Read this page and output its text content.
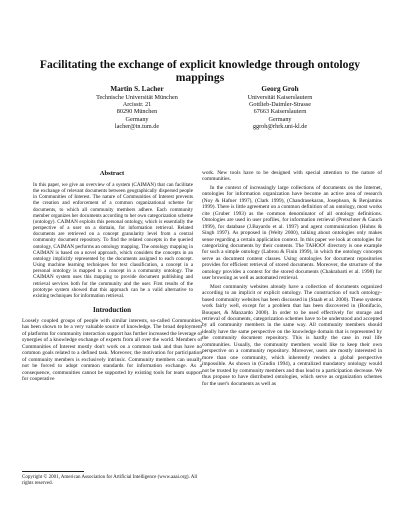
Facilitating the exchange of explicit knowledge through ontology mappings
Martin S. Lacher
Technische Universität München
Arcisstr. 21
80290 München
Germany
lacher@in.tum.de
Georg Groh
Universität Kaiserslautern
Gottlieb-Daimler-Strasse
67663 Kaiserslautern
Germany
ggroh@rhrk.uni-kl.de
Abstract

In this paper, we give an overview of a system (CAIMAN) that can facilitate the exchange of relevant documents between geographically dispersed people in Communities of Interest. The nature of Communities of Interest prevents the creation and enforcement of a common organizational scheme for documents, to which all community members adhere. Each community member organizes her documents according to her own categorization scheme (ontology). CAIMAN exploits this personal ontology, which is essentially the perspective of a user on a domain, for information retrieval. Related documents are retrieved on a concept granularity level from a central community document repository. To find the related concepts in the queried ontology, CAIMAN performs an ontology mapping. The ontology mapping in CAIMAN is based on a novel approach, which considers the concepts in an ontology implicitly represented by the documents assigned to each concept. Using machine learning techniques for text classification, a concept in a personal ontology is mapped to a concept in a community ontology. The CAIMAN system uses this mapping to provide document publishing and retrieval services both for the community and the user. First results of the prototype system showed that this approach can be a valid alternative to existing techniques for information retrieval.

Introduction

Loosely coupled groups of people with similar interests, so-called Communities, has been shown to be a very valuable source of knowledge. The broad deployment of platforms for community interaction support has further increased the leverage of synergies of a knowledge exchange of experts from all over the world. Members of Communities of Interest mostly don't work on a common task and thus have no common goals related to a defined task. Moreover, the motivation for participation of community members is exclusively intrinsic. Community members can usually not be forced to adopt common standards for information exchange. As a consequence, communities cannot be supported by existing tools for team support for cooperative

Copyright © 2001, American Association for Artificial Intelligence (www.aaai.org). All rights reserved.

work. New tools have to be designed with special attention to the nature of communities.

In the context of increasingly large collections of documents on the Internet, ontologies for information organization have become an active area of research (Noy & Hafner 1997), (Clark 1999), (Chandrasekaran, Josephson, & Benjamins 1999). There is little agreement on a common definition of an ontology, most works cite (Gruber 1993) as the common denominator of all ontology definitions. Ontologies are used in user profiles, for information retrieval (Pretschner & Gauch 1999), for database (J.Bayardo et al. 1997) and agent communication (Huhns & Singh 1997). As proposed in (Welty 2000), talking about ontologies only makes sense regarding a certain application context. In this paper we look at ontologies for categorizing documents by their contents. The TAHOO! directory is one example for such a simple ontology (Labrou & Finin 1999), in which the ontology concepts serve as document content classes. Using ontologies for document repositories provides for efficient retrieval of stored documents. Moreover, the structure of the ontology provides a context for the stored documents (Chakrabarti et al. 1998) for user browsing as well as automated retrieval.

Most community websites already have a collection of documents organized according to an implicit or explicit ontology. The construction of such ontology-based community websites has been discussed in (Staab et al. 2000). These systems work fairly well, except for a problem that has been discovered in (Bonifacio, Bouquet, & Manzardo 2000). In order to be used effectively for storage and retrieval of documents, categorization schemes have to be understood and accepted by all community members in the same way. All community members should ideally have the same perspective on the knowledge domain that is represented by the community document repository. This is hardly the case in real life communities. Usually, the community members would like to keep their own perspective on a community repository. Moreover, users are mostly interested in more than one community, which inherently renders a global perspective impossible. As shown in (Grudin 1994), a centralized mandatory ontology would not be trusted by community members and thus lead to a participation decrease. We thus propose to have distributed ontologies, which serve as organization schemes for the user's documents as well as
